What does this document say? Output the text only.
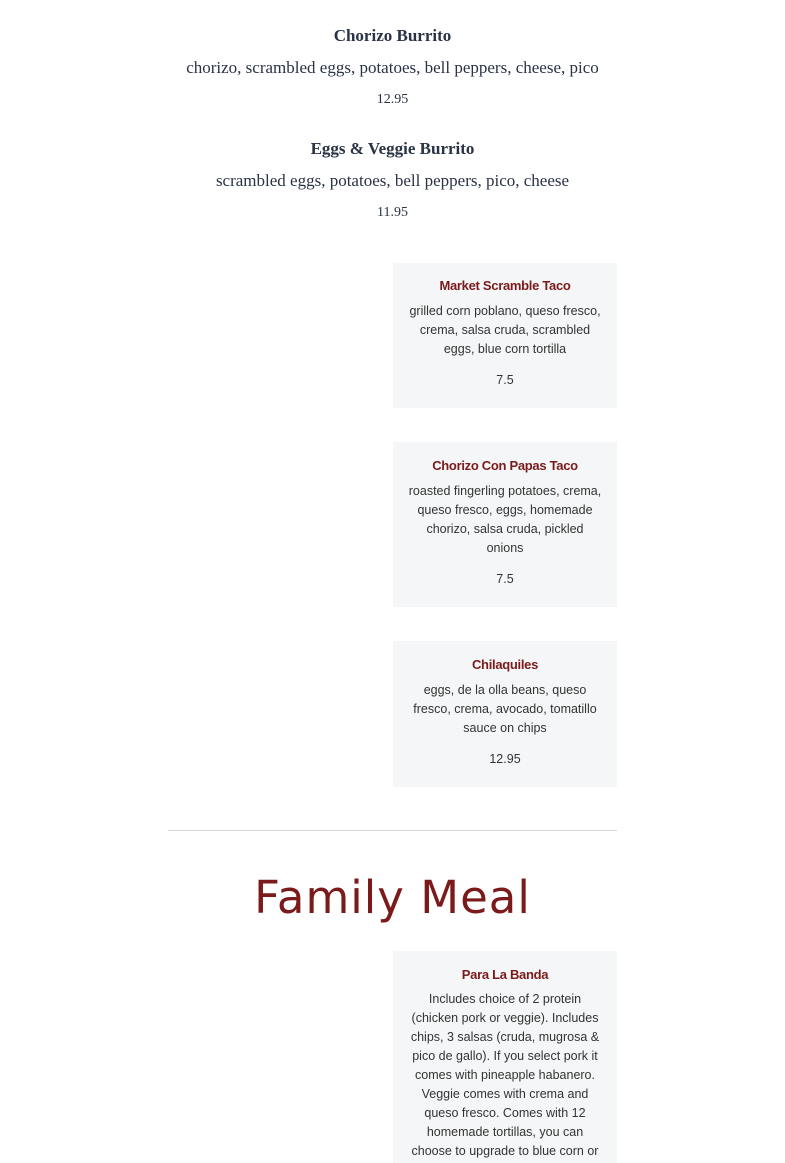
Chorizo Burrito

chorizo, scrambled eggs, potatoes, bell peppers, cheese, pico

12.95

Eggs & Veggie Burrito

scrambled eggs, potatoes, bell peppers, pico, cheese

11.95

Market Scramble Taco

grilled corn poblano, queso fresco, crema, salsa cruda, scrambled eggs, blue corn tortilla

7.5

Chorizo Con Papas Taco

roasted fingerling potatoes, crema, queso fresco, eggs, homemade chorizo, salsa cruda, pickled onions

7.5

Chilaquiles

eggs, de la olla beans, queso fresco, crema, avocado, tomatillo sauce on chips

12.95

Family Meal

Para La Banda

Includes choice of 2 protein (chicken pork or veggie). Includes chips, 3 salsas (cruda, mugrosa & pico de gallo). If you select pork it comes with pineapple habanero. Veggie comes with crema and queso fresco. Comes with 12 homemade tortillas, you can choose to upgrade to blue corn or
